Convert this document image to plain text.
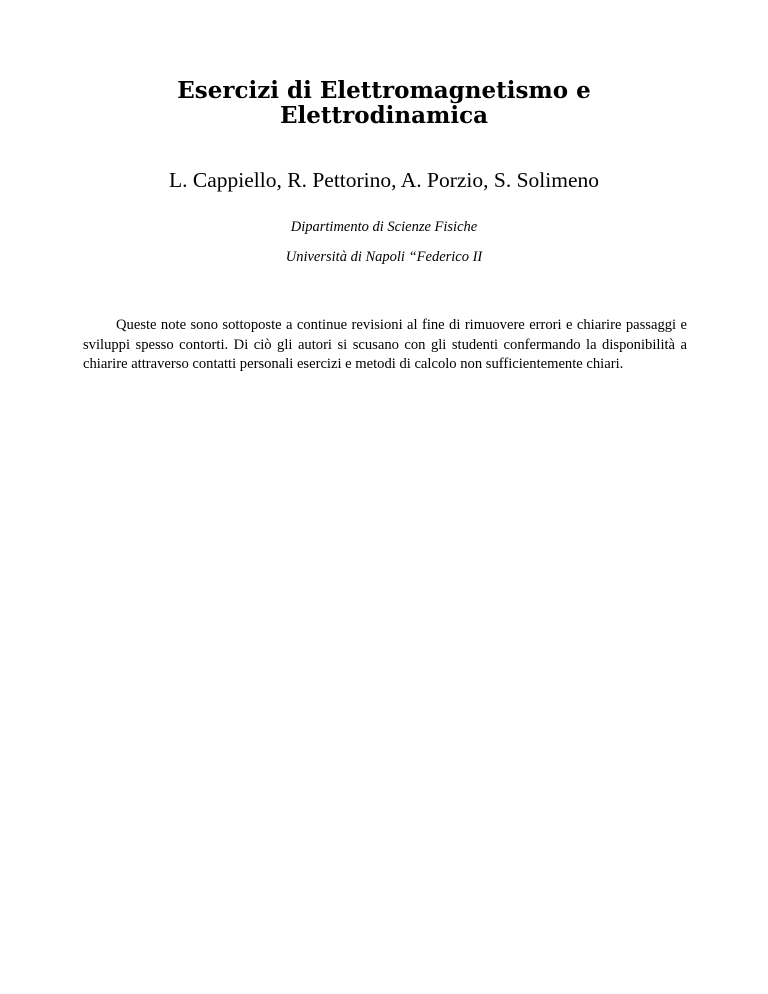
Esercizi di Elettromagnetismo e
Elettrodinamica

L. Cappiello, R. Pettorino, A. Porzio, S. Solimeno

Dipartimento di Scienze Fisiche

Università di Napoli “Federico II

Queste note sono sottoposte a continue revisioni al fine di rimuovere errori e chiarire passaggi e sviluppi spesso contorti. Di ciò gli autori si scusano con gli studenti confermando la disponibilità a chiarire attraverso contatti personali esercizi e metodi di calcolo non sufficientemente chiari.
